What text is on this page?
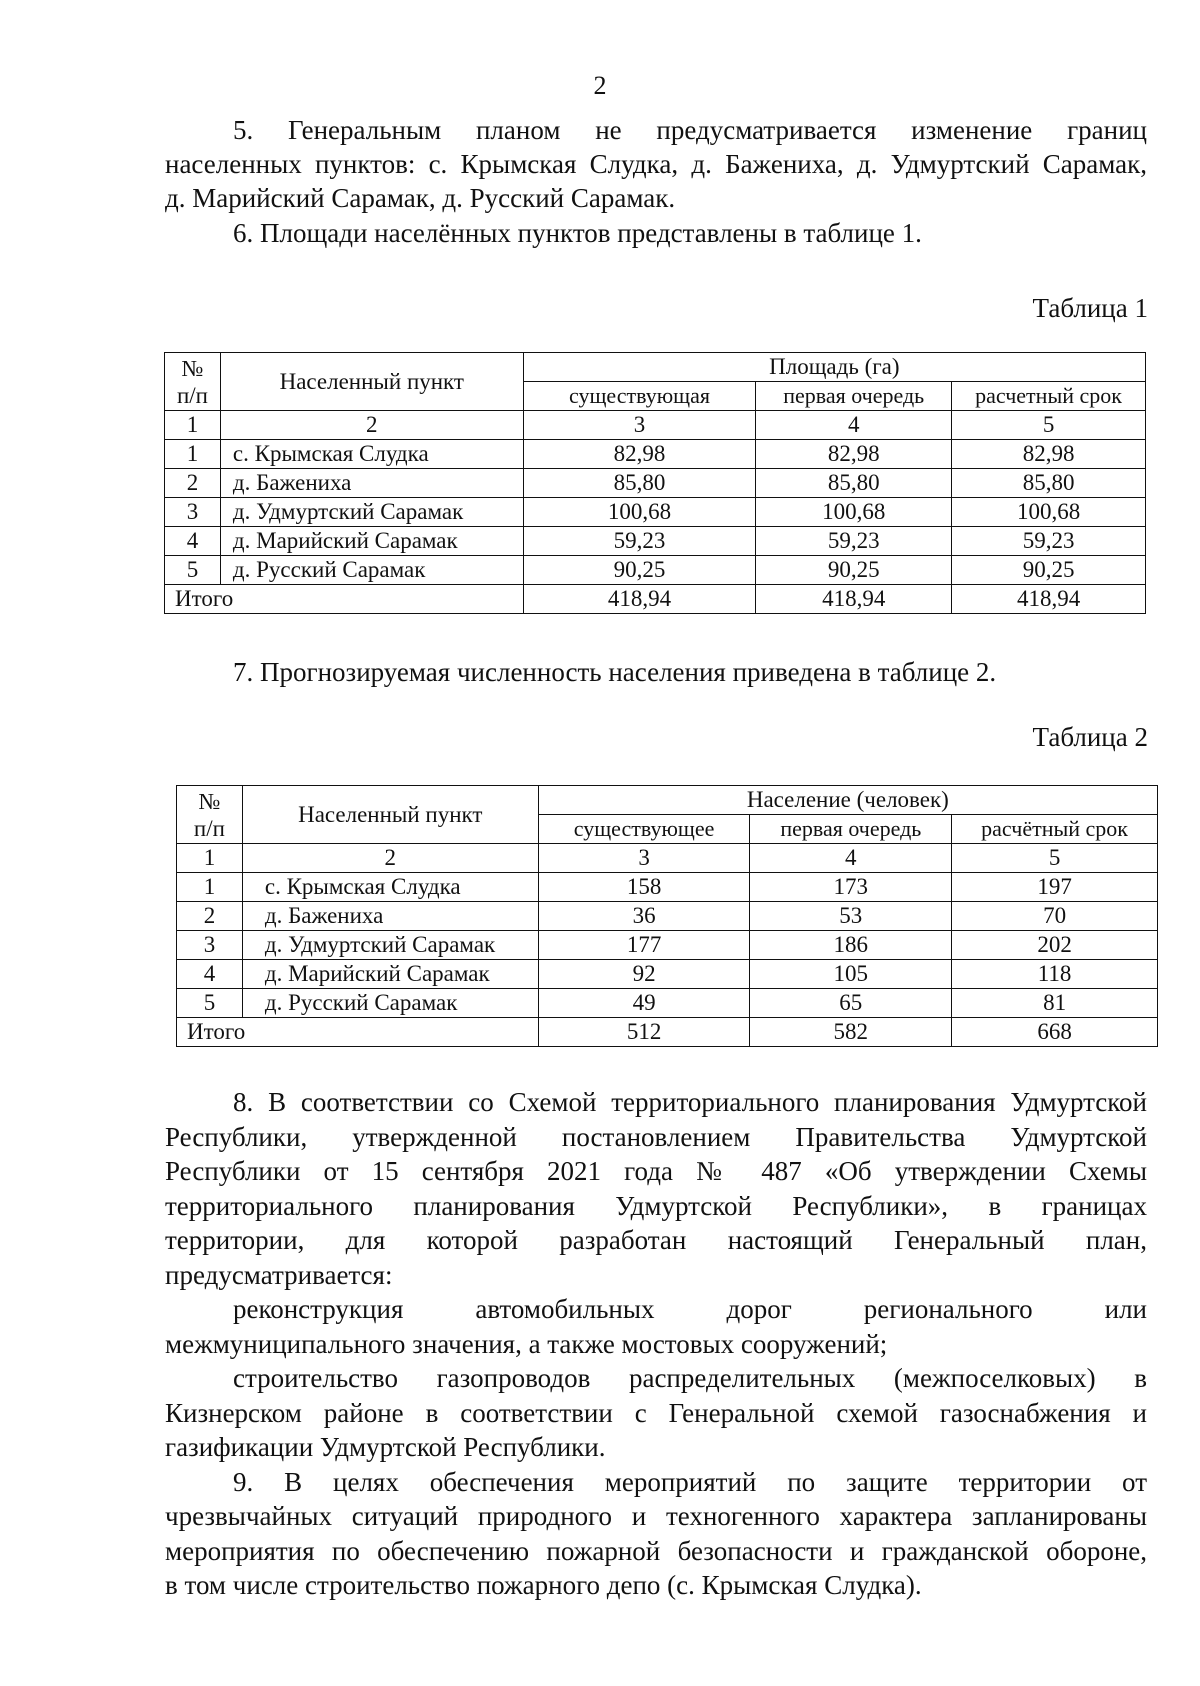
2
5. Генеральным планом не предусматривается изменение границ
населенных пунктов: с. Крымская Слудка, д. Бажениха, д. Удмуртский Сарамак,
д. Марийский Сарамак, д. Русский Сарамак.
6. Площади населённых пунктов представлены в таблице 1.
Таблица 1
№
п/п	Населенный пункт	Площадь (га)		
		существующая	первая очередь	расчетный срок
1	2	3	4	5
1	с. Крымская Слудка	82,98	82,98	82,98
2	д. Бажениха	85,80	85,80	85,80
3	д. Удмуртский Сарамак	100,68	100,68	100,68
4	д. Марийский Сарамак	59,23	59,23	59,23
5	д. Русский Сарамак	90,25	90,25	90,25
Итого		418,94	418,94	418,94
7. Прогнозируемая численность населения приведена в таблице 2.
Таблица 2
№
п/п	Населенный пункт	Население (человек)		
		существующее	первая очередь	расчётный срок
1	2	3	4	5
1	с. Крымская Слудка	158	173	197
2	д. Бажениха	36	53	70
3	д. Удмуртский Сарамак	177	186	202
4	д. Марийский Сарамак	92	105	118
5	д. Русский Сарамак	49	65	81
Итого		512	582	668
8. В соответствии со Схемой территориального планирования Удмуртской
Республики, утвержденной постановлением Правительства Удмуртской
Республики от 15 сентября 2021 года № 487 «Об утверждении Схемы
территориального планирования Удмуртской Республики», в границах
территории, для которой разработан настоящий Генеральный план,
предусматривается:
реконструкция автомобильных дорог регионального или
межмуниципального значения, а также мостовых сооружений;
строительство газопроводов распределительных (межпоселковых) в
Кизнерском районе в соответствии с Генеральной схемой газоснабжения и
газификации Удмуртской Республики.
9. В целях обеспечения мероприятий по защите территории от
чрезвычайных ситуаций природного и техногенного характера запланированы
мероприятия по обеспечению пожарной безопасности и гражданской обороне,
в том числе строительство пожарного депо (с. Крымская Слудка).
